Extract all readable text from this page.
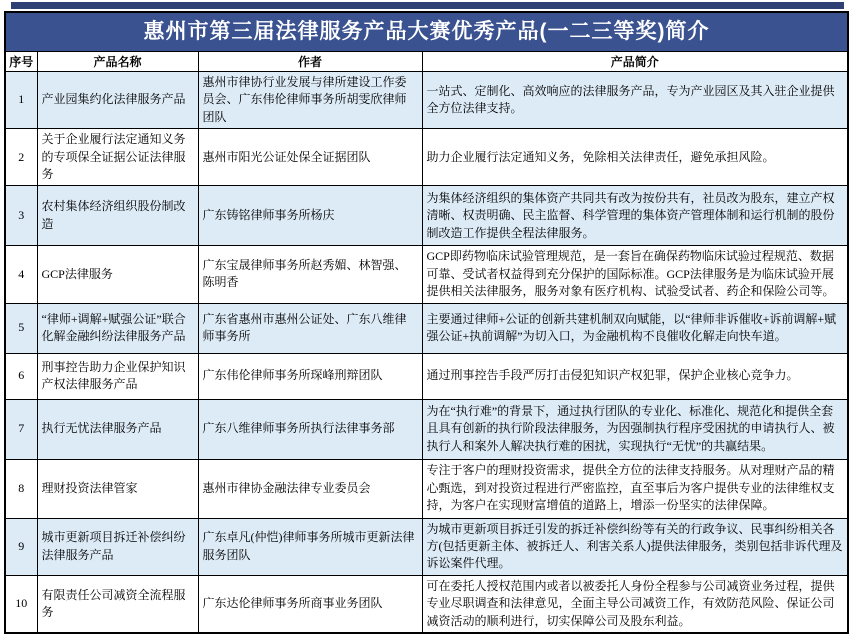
惠州市第三届法律服务产品大赛优秀产品(一二三等奖)简介			
序号	产品名称	作者	产品简介
1	产业园集约化法律服务产品	惠州市律协行业发展与律所建设工作委员会、广东伟伦律师事务所胡雯欣律师团队	一站式、定制化、高效响应的法律服务产品，专为产业园区及其入驻企业提供全方位法律支持。
2	关于企业履行法定通知义务的专项保全证据公证法律服务	惠州市阳光公证处保全证据团队	助力企业履行法定通知义务，免除相关法律责任，避免承担风险。
3	农村集体经济组织股份制改造	广东铸铭律师事务所杨庆	为集体经济组织的集体资产共同共有改为按份共有，社员改为股东，建立产权清晰、权责明确、民主监督、科学管理的集体资产管理体制和运行机制的股份制改造工作提供全程法律服务。
4	GCP法律服务	广东宝晟律师事务所赵秀媚、林智强、陈明香	GCP即药物临床试验管理规范，是一套旨在确保药物临床试验过程规范、数据可靠、受试者权益得到充分保护的国际标准。GCP法律服务是为临床试验开展提供相关法律服务，服务对象有医疗机构、试验受试者、药企和保险公司等。
5	“律师+调解+赋强公证”联合化解金融纠纷法律服务产品	广东省惠州市惠州公证处、广东八维律师事务所	主要通过律师+公证的创新共建机制双向赋能，以“律师非诉催收+诉前调解+赋强公证+执前调解”为切入口，为金融机构不良催收化解走向快车道。
6	刑事控告助力企业保护知识产权法律服务产品	广东伟伦律师事务所琛峰刑辩团队	通过刑事控告手段严厉打击侵犯知识产权犯罪，保护企业核心竞争力。
7	执行无忧法律服务产品	广东八维律师事务所执行法律事务部	为在“执行难”的背景下，通过执行团队的专业化、标准化、规范化和提供全套且具有创新的执行阶段法律服务，为因强制执行程序受困扰的申请执行人、被执行人和案外人解决执行难的困扰，实现执行“无忧”的共赢结果。
8	理财投资法律管家	惠州市律协金融法律专业委员会	专注于客户的理财投资需求，提供全方位的法律支持服务。从对理财产品的精心甄选，到对投资过程进行严密监控，直至事后为客户提供专业的法律维权支持，为客户在实现财富增值的道路上，增添一份坚实的法律保障。
9	城市更新项目拆迁补偿纠纷法律服务产品	广东卓凡(仲恺)律师事务所城市更新法律服务团队	为城市更新项目拆迁引发的拆迁补偿纠纷等有关的行政争议、民事纠纷相关各方(包括更新主体、被拆迁人、利害关系人)提供法律服务，类别包括非诉代理及诉讼案件代理。
10	有限责任公司减资全流程服务	广东达伦律师事务所商事业务团队	可在委托人授权范围内或者以被委托人身份全程参与公司减资业务过程，提供专业尽职调查和法律意见，全面主导公司减资工作，有效防范风险、保证公司减资活动的顺利进行，切实保障公司及股东利益。
